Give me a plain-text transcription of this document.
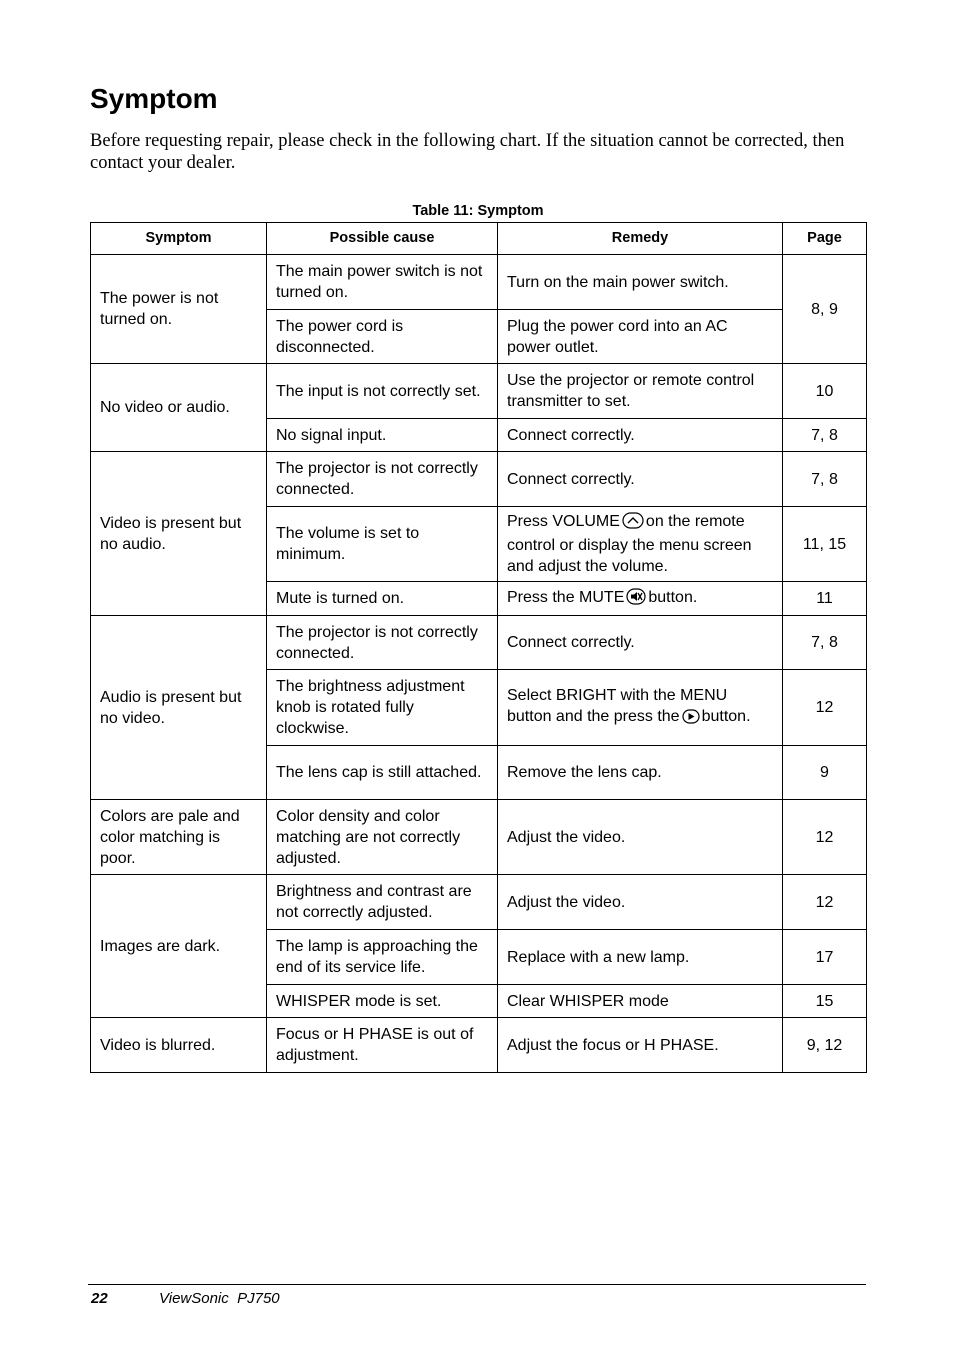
Symptom

Before requesting repair, please check in the following chart. If the situation cannot be corrected, then contact your dealer.

Table 11: Symptom
Symptom	Possible cause	Remedy	Page
The power is not turned on.	The main power switch is not turned on.	Turn on the main power switch.	8, 9
	The power cord is disconnected.	Plug the power cord into an AC power outlet.	
No video or audio.	The input is not correctly set.	Use the projector or remote control transmitter to set.	10
	No signal input.	Connect correctly.	7, 8
Video is present but no audio.	The projector is not correctly connected.	Connect correctly.	7, 8
	The volume is set to minimum.	Press VOLUME on the remote control or display the menu screen and adjust the volume.	11, 15
	Mute is turned on.	Press the MUTE button.	11
Audio is present but no video.	The projector is not correctly connected.	Connect correctly.	7, 8
	The brightness adjustment knob is rotated fully clockwise.	Select BRIGHT with the MENU button and the press the button.	12
	The lens cap is still attached.	Remove the lens cap.	9
Colors are pale and color matching is poor.	Color density and color matching are not correctly adjusted.	Adjust the video.	12
Images are dark.	Brightness and contrast are not correctly adjusted.	Adjust the video.	12
	The lamp is approaching the end of its service life.	Replace with a new lamp.	17
	WHISPER mode is set.	Clear WHISPER mode	15
Video is blurred.	Focus or H PHASE is out of adjustment.	Adjust the focus or H PHASE.	9, 12
22	ViewSonic  PJ750
